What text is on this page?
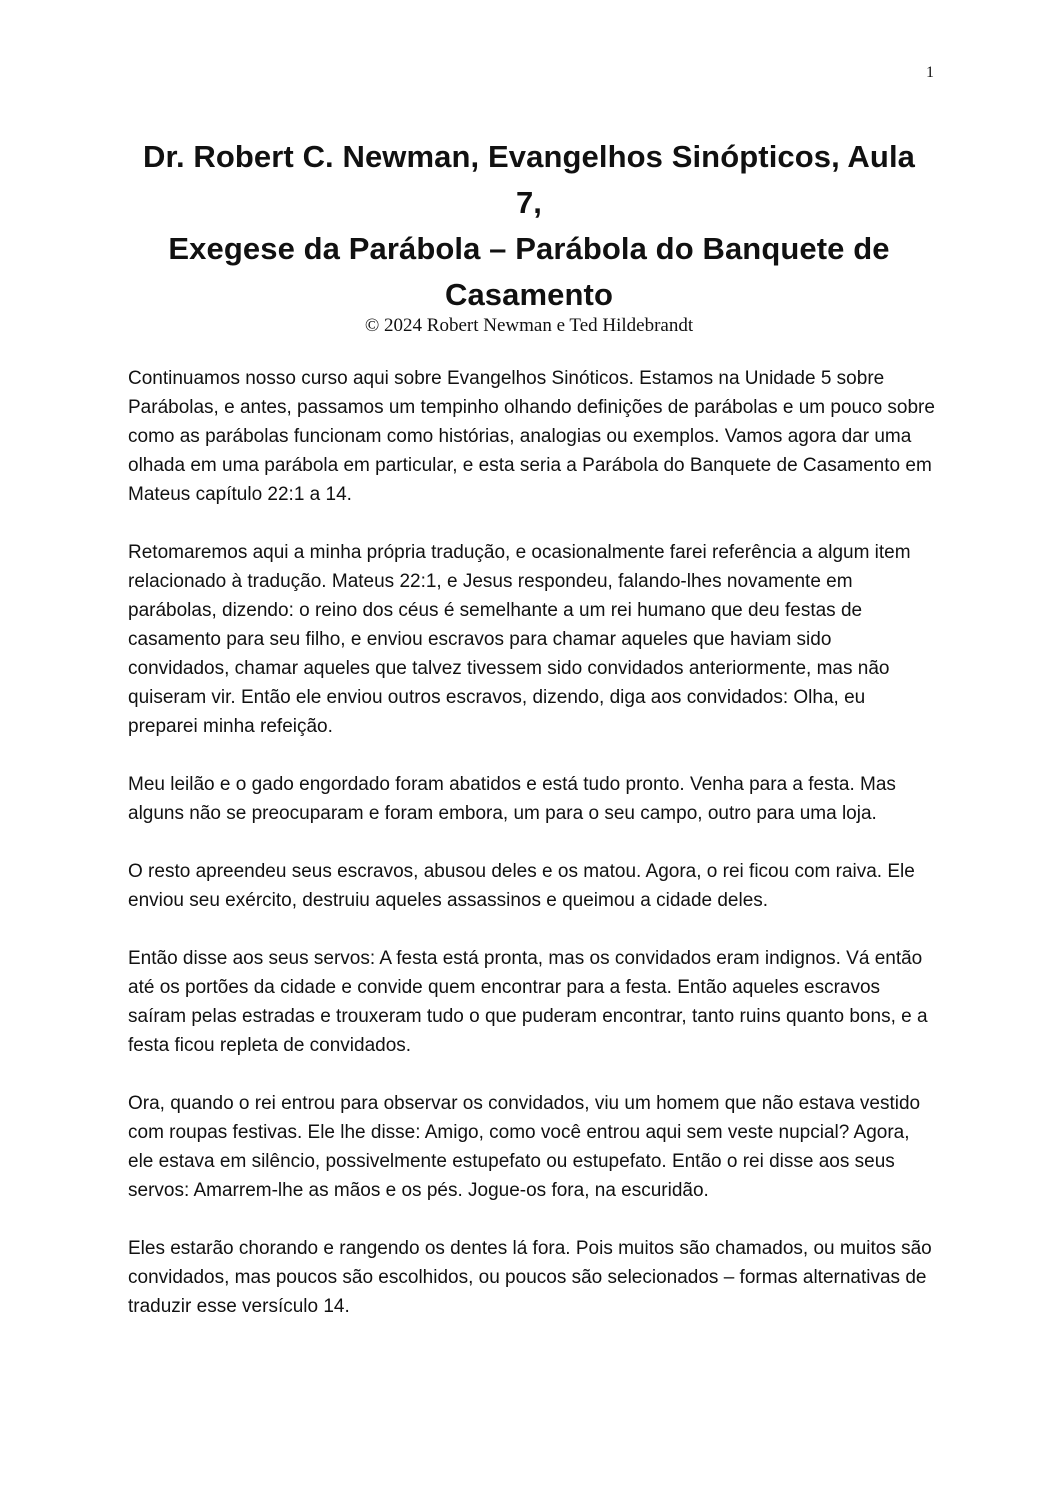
1
Dr. Robert C. Newman, Evangelhos Sinópticos, Aula
7,
Exegese da Parábola – Parábola do Banquete de
Casamento
© 2024 Robert Newman e Ted Hildebrandt

Continuamos nosso curso aqui sobre Evangelhos Sinóticos. Estamos na Unidade 5 sobre Parábolas, e antes, passamos um tempinho olhando definições de parábolas e um pouco sobre como as parábolas funcionam como histórias, analogias ou exemplos. Vamos agora dar uma olhada em uma parábola em particular, e esta seria a Parábola do Banquete de Casamento em Mateus capítulo 22:1 a 14.

Retomaremos aqui a minha própria tradução, e ocasionalmente farei referência a algum item relacionado à tradução. Mateus 22:1, e Jesus respondeu, falando-lhes novamente em parábolas, dizendo: o reino dos céus é semelhante a um rei humano que deu festas de casamento para seu filho, e enviou escravos para chamar aqueles que haviam sido convidados, chamar aqueles que talvez tivessem sido convidados anteriormente, mas não quiseram vir. Então ele enviou outros escravos, dizendo, diga aos convidados: Olha, eu preparei minha refeição.

Meu leilão e o gado engordado foram abatidos e está tudo pronto. Venha para a festa. Mas alguns não se preocuparam e foram embora, um para o seu campo, outro para uma loja.

O resto apreendeu seus escravos, abusou deles e os matou. Agora, o rei ficou com raiva. Ele enviou seu exército, destruiu aqueles assassinos e queimou a cidade deles.

Então disse aos seus servos: A festa está pronta, mas os convidados eram indignos. Vá então até os portões da cidade e convide quem encontrar para a festa. Então aqueles escravos saíram pelas estradas e trouxeram tudo o que puderam encontrar, tanto ruins quanto bons, e a festa ficou repleta de convidados.

Ora, quando o rei entrou para observar os convidados, viu um homem que não estava vestido com roupas festivas. Ele lhe disse: Amigo, como você entrou aqui sem veste nupcial? Agora, ele estava em silêncio, possivelmente estupefato ou estupefato. Então o rei disse aos seus servos: Amarrem-lhe as mãos e os pés. Jogue-os fora, na escuridão.

Eles estarão chorando e rangendo os dentes lá fora. Pois muitos são chamados, ou muitos são convidados, mas poucos são escolhidos, ou poucos são selecionados – formas alternativas de traduzir esse versículo 14.
